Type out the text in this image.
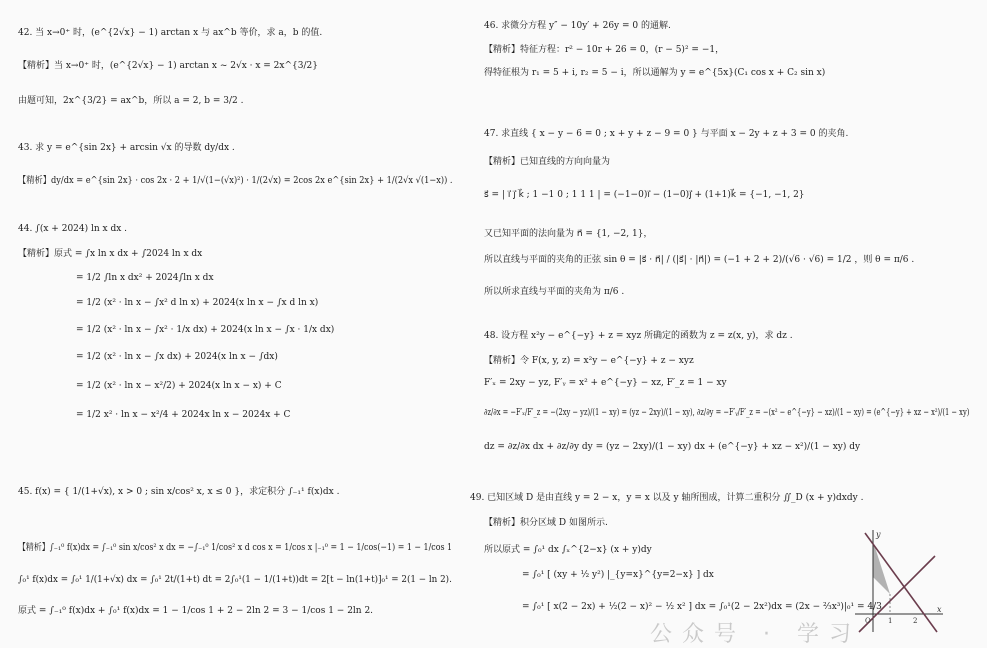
42. 当 x→0⁺ 时，(e^{2√x} − 1) arctan x 与 ax^b 等价，求 a，b 的值.
【精析】当 x→0⁺ 时，(e^{2√x} − 1) arctan x ~ 2√x · x = 2x^{3/2}
由题可知，2x^{3/2} = ax^b，所以 a = 2, b = 3/2 .
43. 求 y = e^{sin 2x} + arcsin √x 的导数 dy/dx .
【精析】dy/dx = e^{sin 2x} · cos 2x · 2 + 1/√(1−(√x)²) · 1/(2√x) = 2cos 2x e^{sin 2x} + 1/(2√x √(1−x)) .
44. ∫(x + 2024) ln x dx .
【精析】原式 = ∫x ln x dx + ∫2024 ln x dx
= 1/2 ∫ln x dx² + 2024∫ln x dx
= 1/2 (x² · ln x − ∫x² d ln x) + 2024(x ln x − ∫x d ln x)
= 1/2 (x² · ln x − ∫x² · 1/x dx) + 2024(x ln x − ∫x · 1/x dx)
= 1/2 (x² · ln x − ∫x dx) + 2024(x ln x − ∫dx)
= 1/2 (x² · ln x − x²/2) + 2024(x ln x − x) + C
= 1/2 x² · ln x − x²/4 + 2024x ln x − 2024x + C
45. f(x) = { 1/(1+√x), x > 0 ; sin x/cos² x, x ≤ 0 }，求定积分 ∫₋₁¹ f(x)dx .
【精析】∫₋₁⁰ f(x)dx = ∫₋₁⁰ sin x/cos² x dx = −∫₋₁⁰ 1/cos² x d cos x = 1/cos x |₋₁⁰ = 1 − 1/cos(−1) = 1 − 1/cos 1
∫₀¹ f(x)dx = ∫₀¹ 1/(1+√x) dx = ∫₀¹ 2t/(1+t) dt = 2∫₀¹(1 − 1/(1+t))dt = 2[t − ln(1+t)]₀¹ = 2(1 − ln 2).
原式 = ∫₋₁⁰ f(x)dx + ∫₀¹ f(x)dx = 1 − 1/cos 1 + 2 − 2ln 2 = 3 − 1/cos 1 − 2ln 2.
46. 求微分方程 y″ − 10y′ + 26y = 0 的通解.
【精析】特征方程：r² − 10r + 26 = 0，(r − 5)² = −1，
得特征根为 r₁ = 5 + i, r₂ = 5 − i，所以通解为 y = e^{5x}(C₁ cos x + C₂ sin x)
47. 求直线 { x − y − 6 = 0 ; x + y + z − 9 = 0 } 与平面 x − 2y + z + 3 = 0 的夹角.
【精析】已知直线的方向向量为
s⃗ = | i⃗ j⃗ k⃗ ; 1 −1 0 ; 1 1 1 | = (−1−0)i⃗ − (1−0)j⃗ + (1+1)k⃗ = {−1, −1, 2}
又已知平面的法向量为 n⃗ = {1, −2, 1}，
所以直线与平面的夹角的正弦 sin θ = |s⃗ · n⃗| / (|s⃗| · |n⃗|) = (−1 + 2 + 2)/(√6 · √6) = 1/2 ，则 θ = π/6 .
所以所求直线与平面的夹角为 π/6 .
48. 设方程 x²y − e^{−y} + z = xyz 所确定的函数为 z = z(x, y)，求 dz .
【精析】令 F(x, y, z) = x²y − e^{−y} + z − xyz
F′ₓ = 2xy − yz, F′ᵧ = x² + e^{−y} − xz, F′_z = 1 − xy
∂z/∂x = −F′ₓ/F′_z = −(2xy − yz)/(1 − xy) = (yz − 2xy)/(1 − xy), ∂z/∂y = −F′ᵧ/F′_z = −(x² − e^{−y} − xz)/(1 − xy) = (e^{−y} + xz − x²)/(1 − xy)
dz = ∂z/∂x dx + ∂z/∂y dy = (yz − 2xy)/(1 − xy) dx + (e^{−y} + xz − x²)/(1 − xy) dy
49. 已知区域 D 是由直线 y = 2 − x，y = x 以及 y 轴所围成，计算二重积分 ∬_D (x + y)dxdy .
【精析】积分区域 D 如图所示.
所以原式 = ∫₀¹ dx ∫ₓ^{2−x} (x + y)dy
= ∫₀¹ [ (xy + ½ y²) |_{y=x}^{y=2−x} ] dx
= ∫₀¹ [ x(2 − 2x) + ½(2 − x)² − ½ x² ] dx = ∫₀¹(2 − 2x²)dx = (2x − ⅔x³)|₀¹ = 4/3
y
x
O 1	2
公众号 · 学习
